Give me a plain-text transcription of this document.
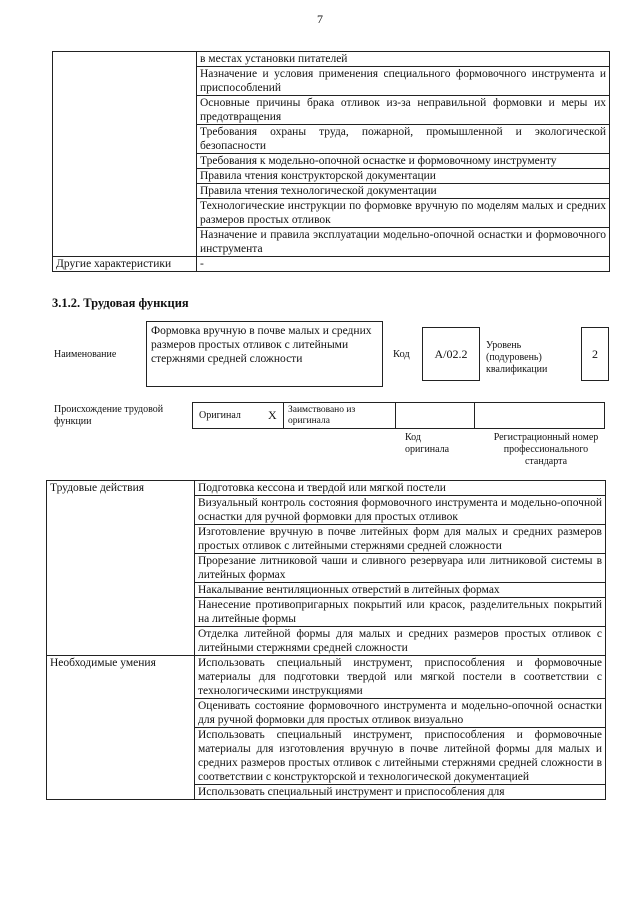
7
	в местах установки питателей
	Назначение и условия применения специального формовочного инструмента и приспособлений
	Основные причины брака отливок из-за неправильной формовки и меры их предотвращения
	Требования охраны труда, пожарной, промышленной и экологической безопасности
	Требования к модельно-опочной оснастке и формовочному инструменту
	Правила чтения конструкторской документации
	Правила чтения технологической документации
	Технологические инструкции по формовке вручную по моделям малых и средних размеров простых отливок
	Назначение и правила эксплуатации модельно-опочной оснастки и формовочного инструмента
Другие характеристики	-
3.1.2. Трудовая функция
Наименование
Формовка вручную в почве малых и средних размеров простых отливок с литейными стержнями средней сложности	Код	A/02.2
Уровень (подуровень) квалификации
2
Происхождение трудовой функции
Оригинал X Заимствовано из оригинала
Код оригинала
Регистрационный номер профессионального стандарта
Трудовые действия	Подготовка кессона и твердой или мягкой постели
	Визуальный контроль состояния формовочного инструмента и модельно-опочной оснастки для ручной формовки для простых отливок
	Изготовление вручную в почве литейных форм для малых и средних размеров простых отливок с литейными стержнями средней сложности
	Прорезание литниковой чаши и сливного резервуара или литниковой системы в литейных формах
	Накалывание вентиляционных отверстий в литейных формах
	Нанесение противопригарных покрытий или красок, разделительных покрытий на литейные формы
	Отделка литейной формы для малых и средних размеров простых отливок с литейными стержнями средней сложности
Необходимые умения	Использовать специальный инструмент, приспособления и формовочные материалы для подготовки твердой или мягкой постели в соответствии с технологическими инструкциями
	Оценивать состояние формовочного инструмента и модельно-опочной оснастки для ручной формовки для простых отливок визуально
	Использовать специальный инструмент, приспособления и формовочные материалы для изготовления вручную в почве литейной формы для малых и средних размеров простых отливок с литейными стержнями средней сложности в соответствии с конструкторской и технологической документацией
	Использовать специальный инструмент и приспособления для
